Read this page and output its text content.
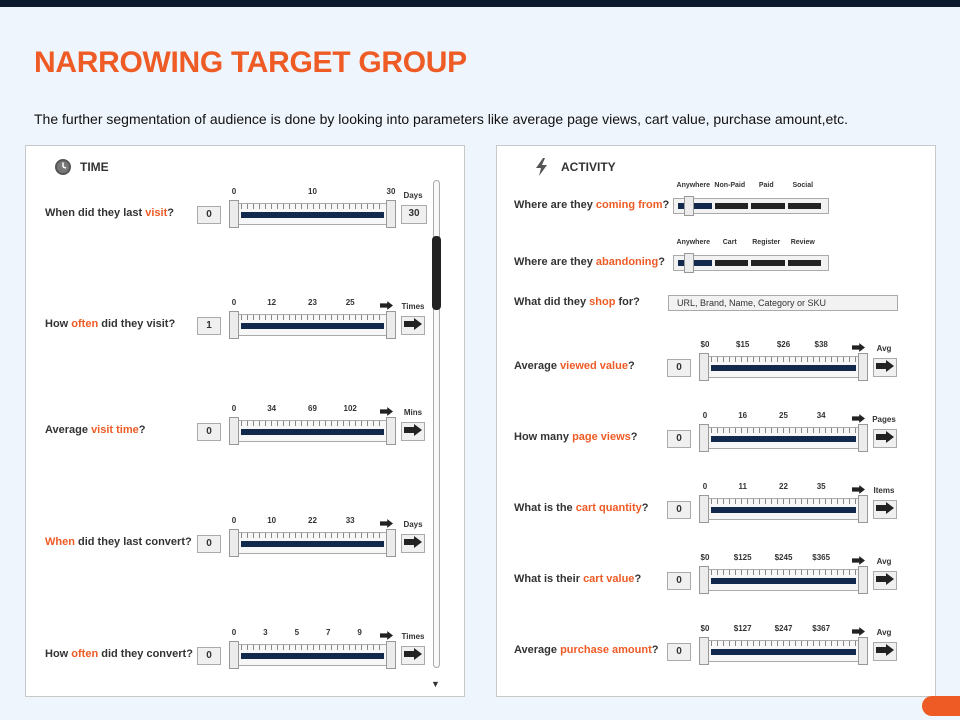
NARROWING TARGET GROUP
The further segmentation of audience is done by looking into parameters like average page views, cart value, purchase amount,etc.
TIME
When did they last visit?	0
0	10	30 Days
30
How often did they visit?	1
0	12	23	25	Times
Average visit time?	0
0	34	69	102	Mins
When did they last convert?	0
0	10	22	33	Days
How often did they convert?	0
0	3	5	7	9	Times
▼
ACTIVITY
Where are they coming from?
Anywhere Non-Paid Paid	Social
Where are they abandoning?
Anywhere Cart Register Review
What did they shop for?	URL, Brand, Name, Category or SKU
Average viewed value?	0
$0	$15	$26	$38	Avg
How many page views?	0
0	16	25	34	Pages
What is the cart quantity?	0
0	11	22	35	Items
What is their cart value?	0
$0	$125	$245 $365	Avg
Average purchase amount?	0
$0	$127	$247 $367	Avg
